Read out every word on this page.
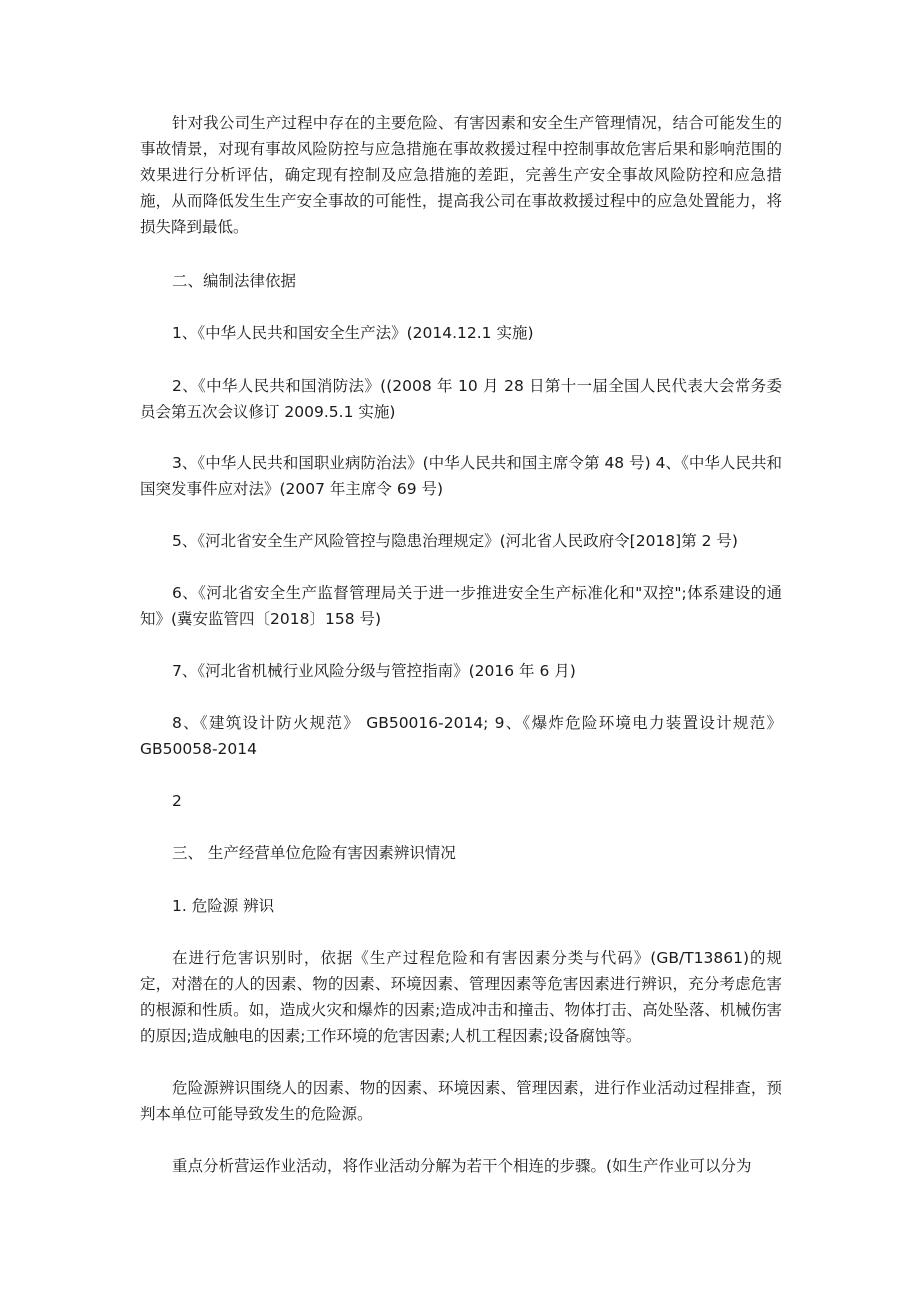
针对我公司生产过程中存在的主要危险、有害因素和安全生产管理情况，结合可能发生的事故情景，对现有事故风险防控与应急措施在事故救援过程中控制事故危害后果和影响范围的效果进行分析评估，确定现有控制及应急措施的差距，完善生产安全事故风险防控和应急措施，从而降低发生生产安全事故的可能性，提高我公司在事故救援过程中的应急处置能力，将损失降到最低。

二、编制法律依据

1、《中华人民共和国安全生产法》(2014.12.1 实施)

2、《中华人民共和国消防法》((2008 年 10 月 28 日第十一届全国人民代表大会常务委员会第五次会议修订 2009.5.1 实施)

3、《中华人民共和国职业病防治法》(中华人民共和国主席令第 48 号) 4、《中华人民共和国突发事件应对法》(2007 年主席令 69 号)

5、《河北省安全生产风险管控与隐患治理规定》(河北省人民政府令[2018]第 2 号)

6、《河北省安全生产监督管理局关于进一步推进安全生产标准化和"双控";体系建设的通知》(冀安监管四〔2018〕158 号)

7、《河北省机械行业风险分级与管控指南》(2016 年 6 月)

8、《建筑设计防火规范》 GB50016-2014; 9、《爆炸危险环境电力装置设计规范》 GB50058-2014

2

三、 生产经营单位危险有害因素辨识情况

1. 危险源 辨识

在进行危害识别时，依据《生产过程危险和有害因素分类与代码》(GB/T13861)的规定，对潜在的人的因素、物的因素、环境因素、管理因素等危害因素进行辨识，充分考虑危害的根源和性质。如，造成火灾和爆炸的因素;造成冲击和撞击、物体打击、高处坠落、机械伤害的原因;造成触电的因素;工作环境的危害因素;人机工程因素;设备腐蚀等。

危险源辨识围绕人的因素、物的因素、环境因素、管理因素，进行作业活动过程排查，预判本单位可能导致发生的危险源。

重点分析营运作业活动，将作业活动分解为若干个相连的步骤。(如生产作业可以分为
